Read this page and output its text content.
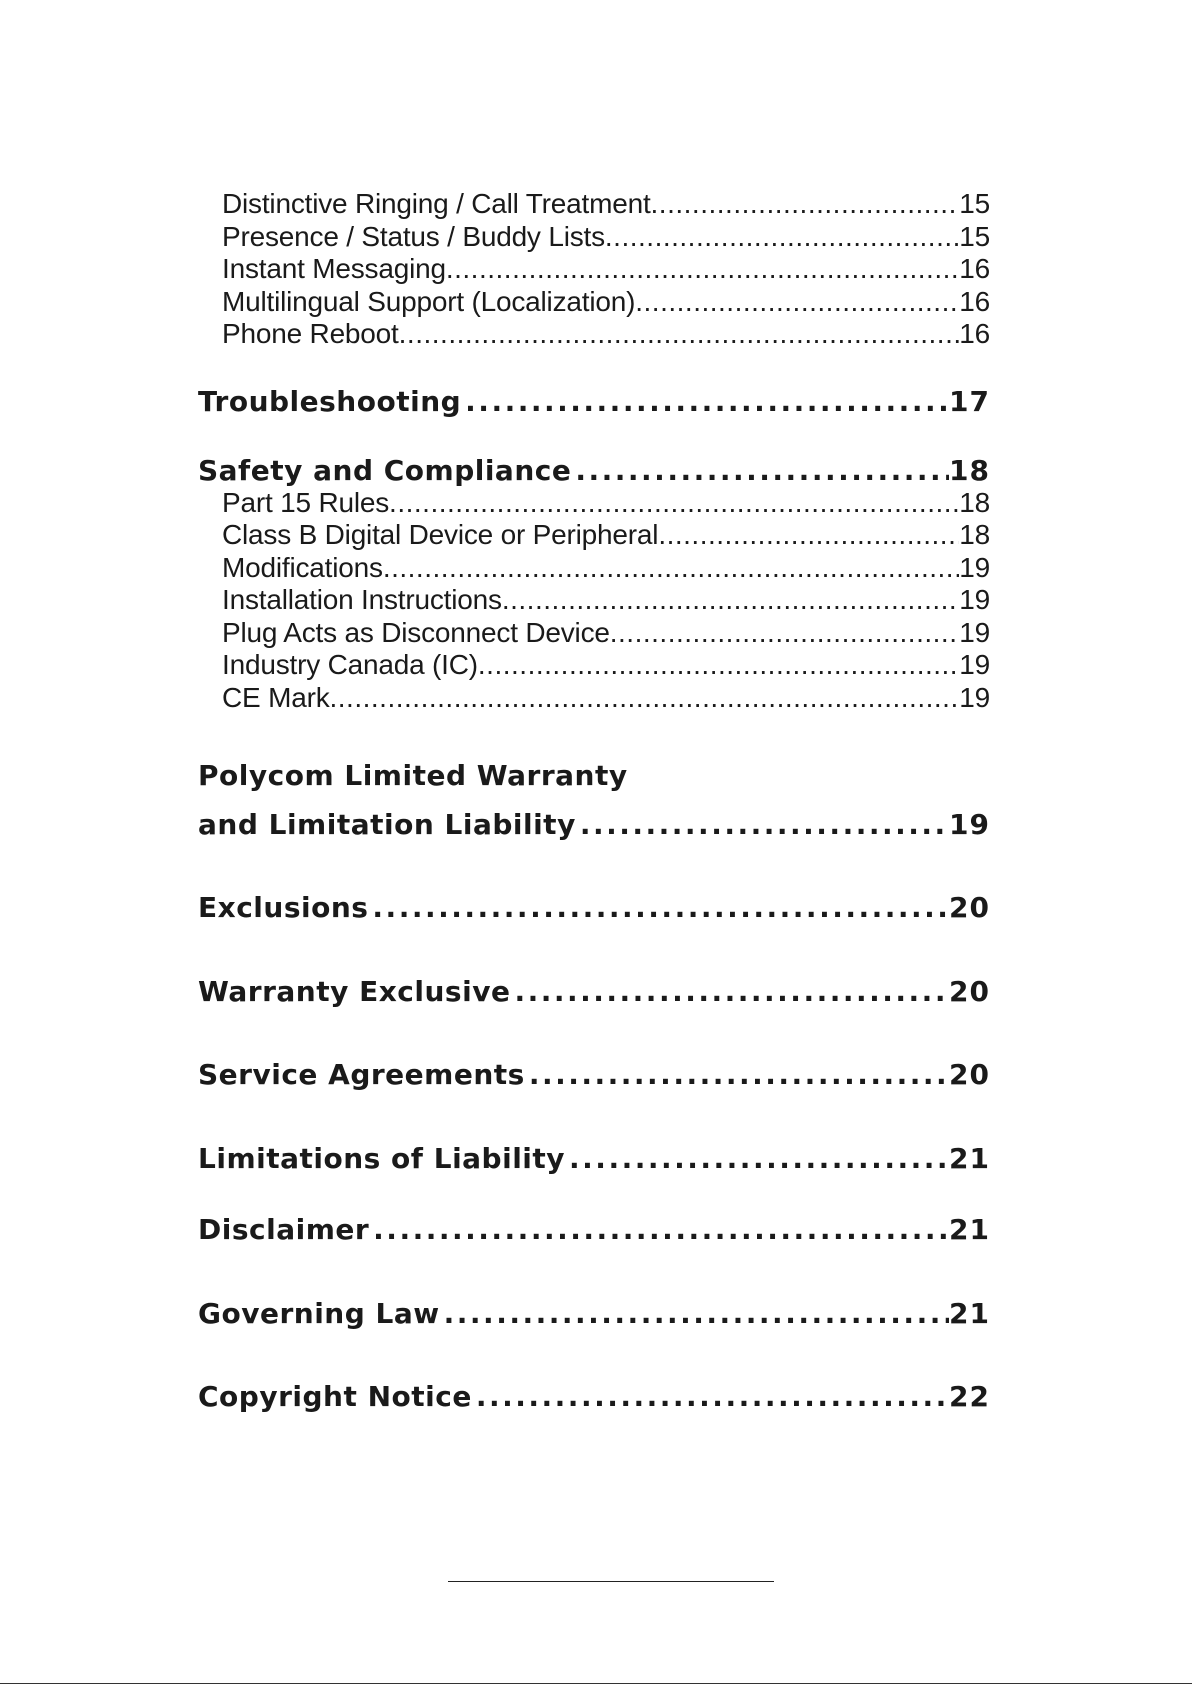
Distinctive Ringing / Call Treatment .....	15
Presence / Status / Buddy Lists .....	15
Instant Messaging .....	16
Multilingual Support (Localization) .....	16
Phone Reboot .....	16
Troubleshooting .....	17
Safety and Compliance .....	18
Part 15 Rules .....	18
Class B Digital Device or Peripheral .....	18
Modifications .....	19
Installation Instructions .....	19
Plug Acts as Disconnect Device .....	19
Industry Canada (IC) .....	19
CE Mark .....	19
Polycom Limited Warranty
and Limitation Liability .....	19
Exclusions .....	20
Warranty Exclusive .....	20
Service Agreements .....	20
Limitations of Liability .....	21
Disclaimer .....	21
Governing Law .....	21
Copyright Notice .....	22
